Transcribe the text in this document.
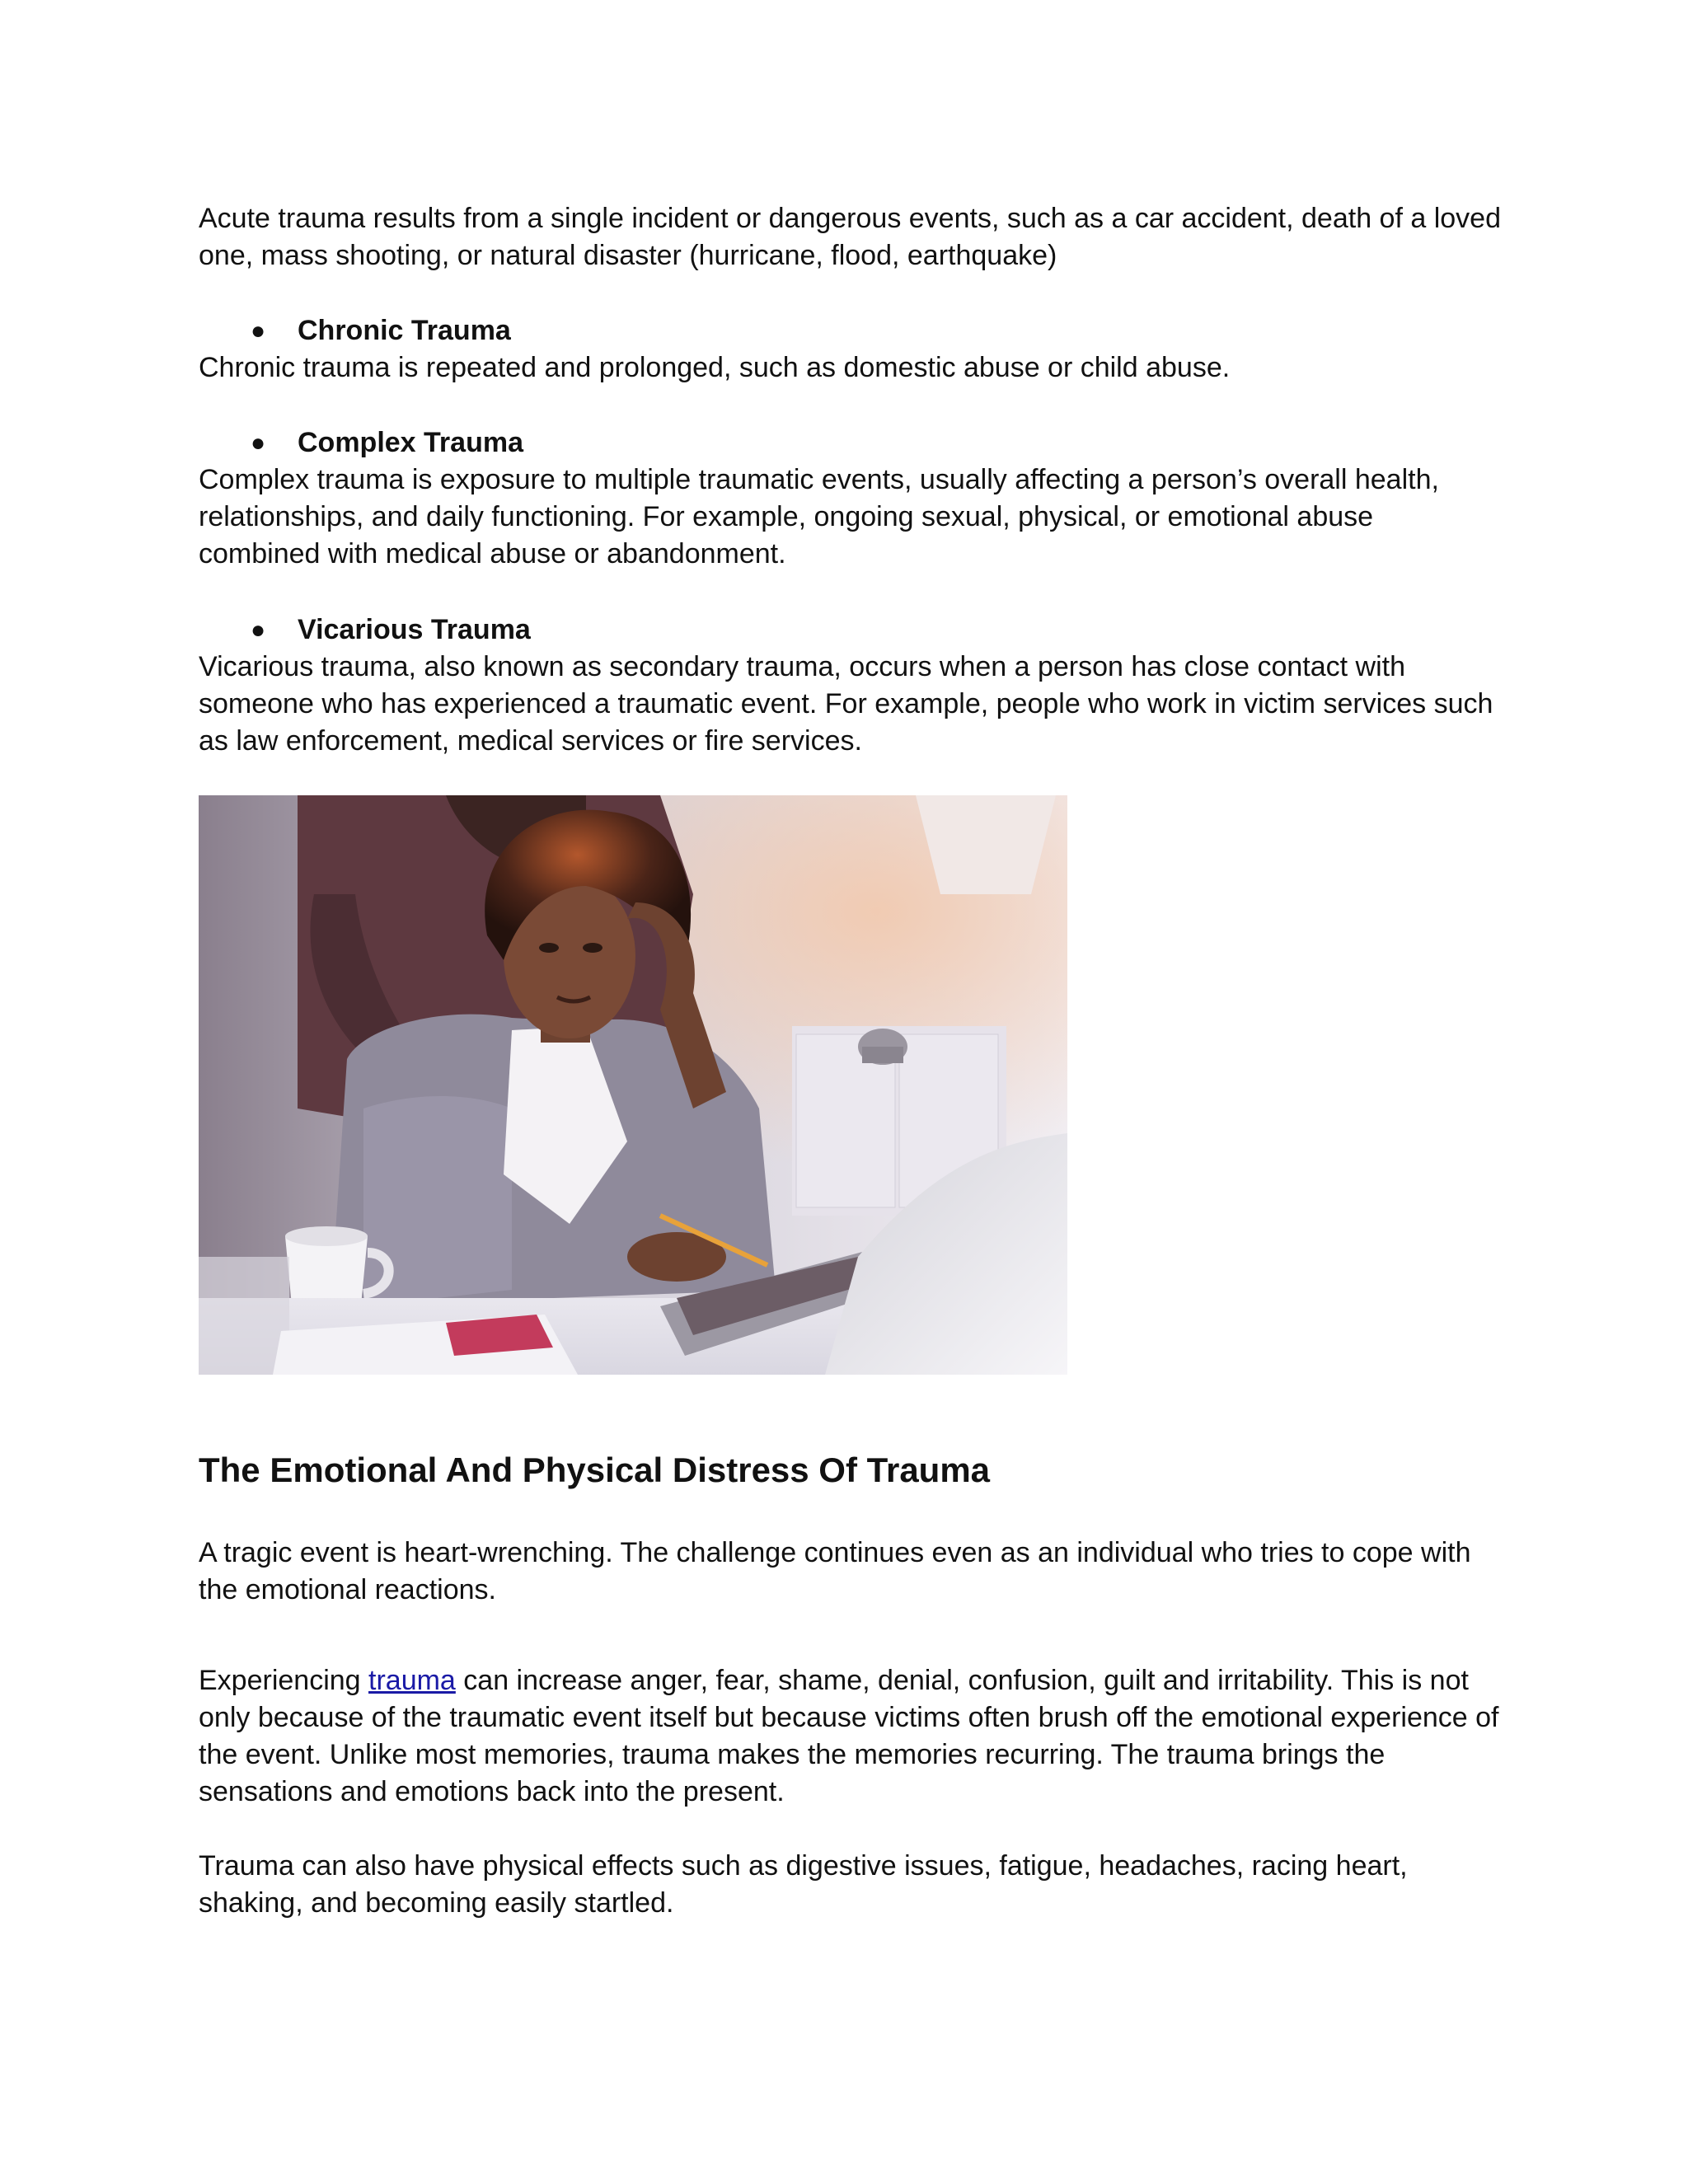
Acute trauma results from a single incident or dangerous events, such as a car accident, death of a loved one, mass shooting, or natural disaster (hurricane, flood, earthquake)

● Chronic Trauma

Chronic trauma is repeated and prolonged, such as domestic abuse or child abuse.

● Complex Trauma

Complex trauma is exposure to multiple traumatic events, usually affecting a person’s overall health, relationships, and daily functioning. For example, ongoing sexual, physical, or emotional abuse combined with medical abuse or abandonment.

● Vicarious Trauma

Vicarious trauma, also known as secondary trauma, occurs when a person has close contact with someone who has experienced a traumatic event. For example, people who work in victim services such as law enforcement, medical services or fire services.

The Emotional And Physical Distress Of Trauma

A tragic event is heart-wrenching. The challenge continues even as an individual who tries to cope with the emotional reactions.

Experiencing trauma can increase anger, fear, shame, denial, confusion, guilt and irritability. This is not only because of the traumatic event itself but because victims often brush off the emotional experience of the event. Unlike most memories, trauma makes the memories recurring. The trauma brings the sensations and emotions back into the present.

Trauma can also have physical effects such as digestive issues, fatigue, headaches, racing heart, shaking, and becoming easily startled.
